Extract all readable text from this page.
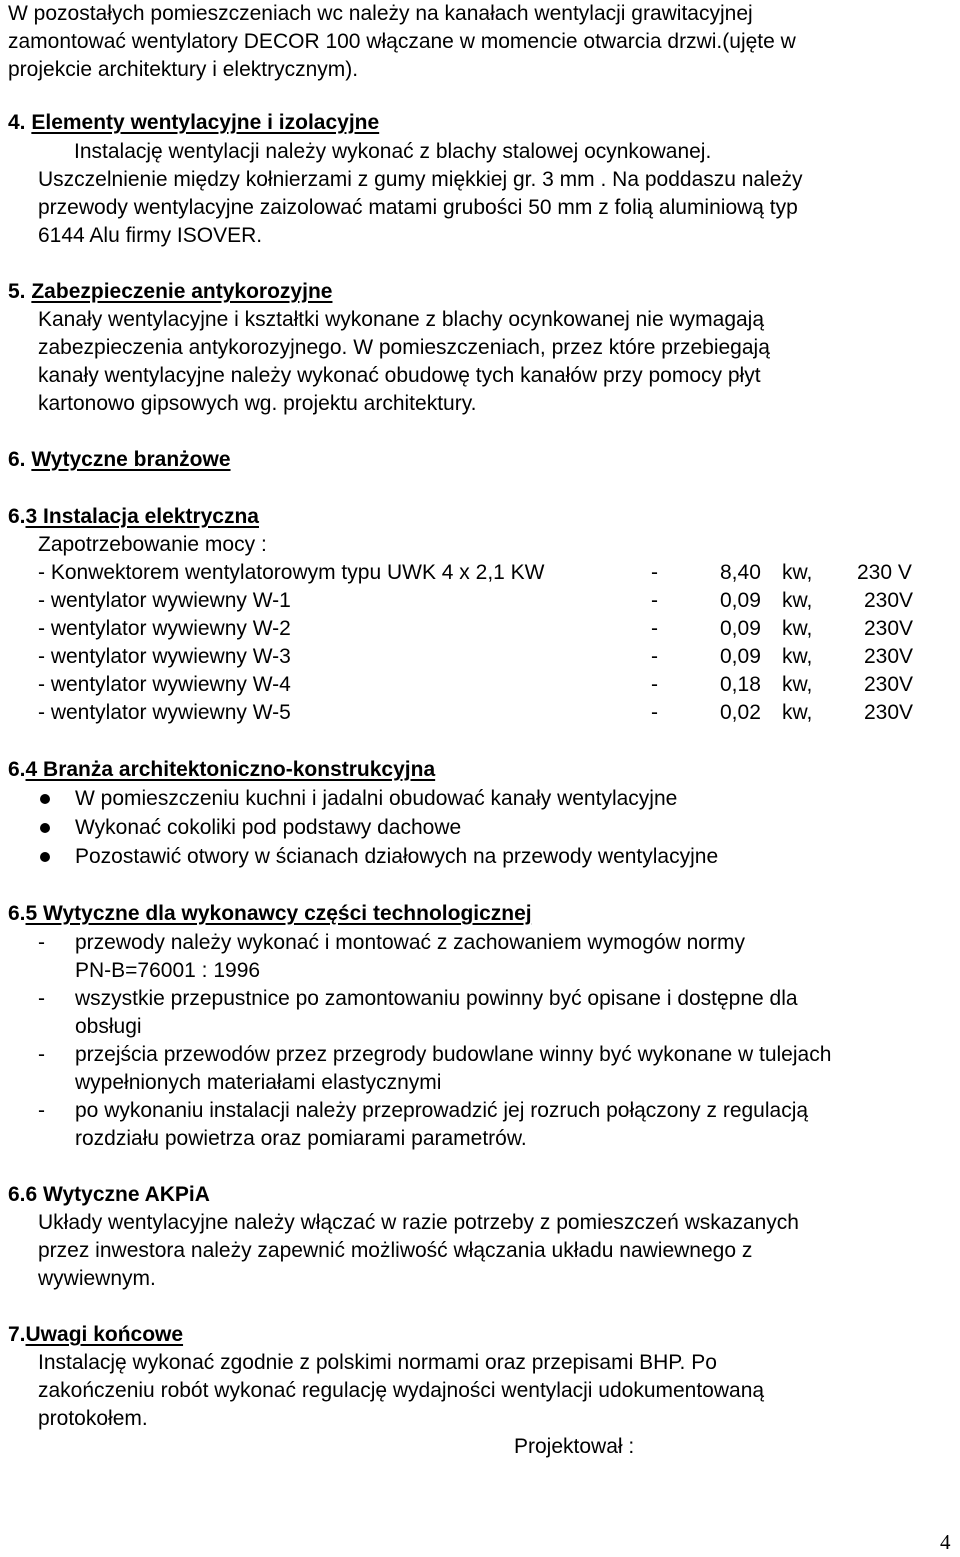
W pozostałych pomieszczeniach wc należy na kanałach wentylacji grawitacyjnej
zamontować wentylatory DECOR 100 włączane w momencie otwarcia drzwi.(ujęte w
projekcie architektury i elektrycznym).
4. Elementy wentylacyjne i izolacyjne
Instalację wentylacji należy wykonać z blachy stalowej ocynkowanej.
Uszczelnienie między kołnierzami z gumy miękkiej gr. 3 mm . Na poddaszu należy
przewody wentylacyjne zaizolować matami grubości 50 mm z folią aluminiową typ
6144 Alu firmy ISOVER.
5. Zabezpieczenie antykorozyjne
Kanały wentylacyjne i kształtki wykonane z blachy ocynkowanej nie wymagają
zabezpieczenia antykorozyjnego. W pomieszczeniach, przez które przebiegają
kanały wentylacyjne należy wykonać obudowę tych kanałów przy pomocy płyt
kartonowo gipsowych wg. projektu architektury.
6. Wytyczne branżowe
6.3 Instalacja elektryczna
Zapotrzebowanie mocy :
- Konwektorem wentylatorowym typu UWK 4 x 2,1 KW	-	8,40 kw, 230 V
- wentylator wywiewny W-1	-	0,09 kw, 230V
- wentylator wywiewny W-2	-	0,09 kw, 230V
- wentylator wywiewny W-3	-	0,09 kw, 230V
- wentylator wywiewny W-4	-	0,18 kw, 230V
- wentylator wywiewny W-5	-	0,02 kw, 230V
6.4 Branża architektoniczno-konstrukcyjna
W pomieszczeniu kuchni i jadalni obudować kanały wentylacyjne
Wykonać cokoliki pod podstawy dachowe
Pozostawić otwory w ścianach działowych na przewody wentylacyjne
6.5 Wytyczne dla wykonawcy części technologicznej
- przewody należy wykonać i montować z zachowaniem wymogów normy
PN-B=76001 : 1996
- wszystkie przepustnice po zamontowaniu powinny być opisane i dostępne dla
obsługi
- przejścia przewodów przez przegrody budowlane winny być wykonane w tulejach
wypełnionych materiałami elastycznymi
- po wykonaniu instalacji należy przeprowadzić jej rozruch połączony z regulacją
rozdziału powietrza oraz pomiarami parametrów.
6.6 Wytyczne AKPiA
Układy wentylacyjne należy włączać w razie potrzeby z pomieszczeń wskazanych
przez inwestora należy zapewnić możliwość włączania układu nawiewnego z
wywiewnym.
7.Uwagi końcowe
Instalację wykonać zgodnie z polskimi normami oraz przepisami BHP. Po
zakończeniu robót wykonać regulację wydajności wentylacji udokumentowaną
protokołem.
Projektował :
4
